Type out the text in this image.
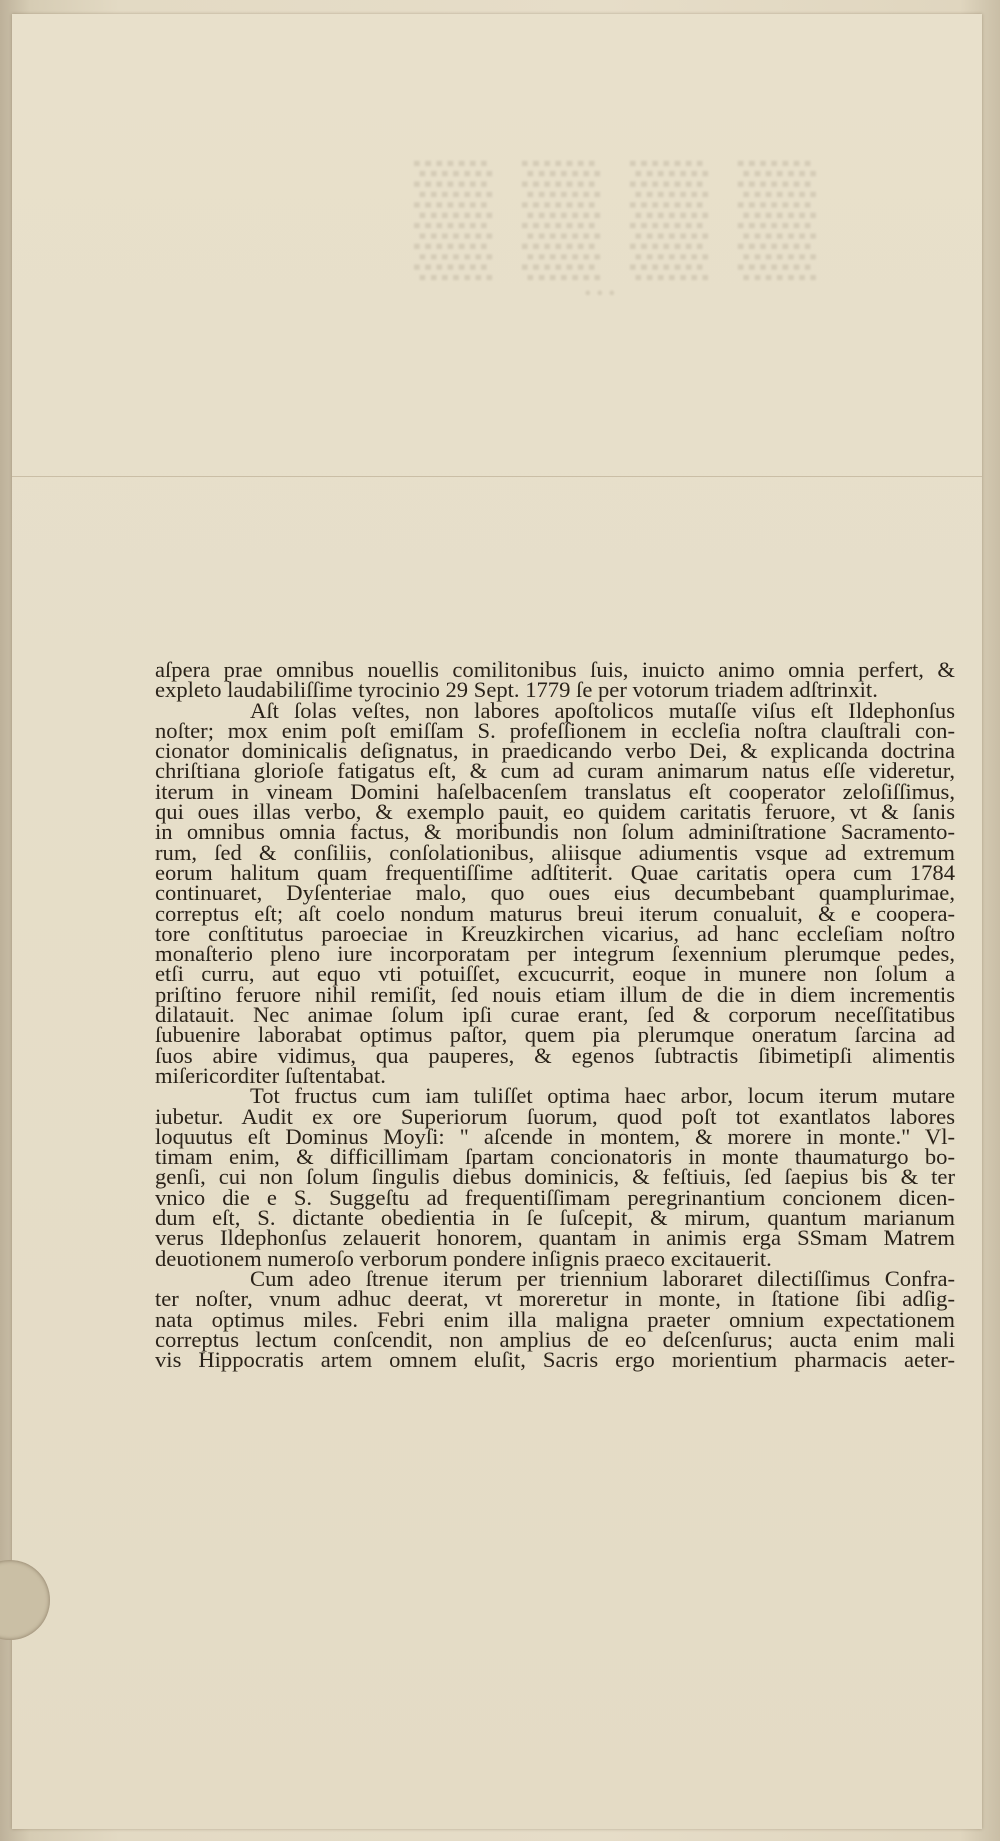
▒▒▒▒
• • •

aſpera prae omnibus nouellis comilitonibus ſuis, inuicto animo omnia perfert, &
expleto laudabiliſſime tyrocinio 29 Sept. 1779 ſe per votorum triadem adſtrinxit.

Aſt ſolas veſtes, non labores apoſtolicos mutaſſe viſus eſt Ildephonſus
noſter; mox enim poſt emiſſam S. profeſſionem in eccleſia noſtra clauſtrali con-
cionator dominicalis deſignatus, in praedicando verbo Dei, & explicanda doctrina
chriſtiana glorioſe fatigatus eſt, & cum ad curam animarum natus eſſe videretur,
iterum in vineam Domini haſelbacenſem translatus eſt cooperator zeloſiſſimus,
qui oues illas verbo, & exemplo pauit, eo quidem caritatis feruore, vt & ſanis
in omnibus omnia factus, & moribundis non ſolum adminiſtratione Sacramento-
rum, ſed & conſiliis, conſolationibus, aliisque adiumentis vsque ad extremum
eorum halitum quam frequentiſſime adſtiterit. Quae caritatis opera cum 1784
continuaret, Dyſenteriae malo, quo oues eius decumbebant quamplurimae,
correptus eſt; aſt coelo nondum maturus breui iterum conualuit, & e coopera-
tore conſtitutus paroeciae in Kreuzkirchen vicarius, ad hanc eccleſiam noſtro
monaſterio pleno iure incorporatam per integrum ſexennium plerumque pedes,
etſi curru, aut equo vti potuiſſet, excucurrit, eoque in munere non ſolum a
priſtino feruore nihil remiſit, ſed nouis etiam illum de die in diem incrementis
dilatauit. Nec animae ſolum ipſi curae erant, ſed & corporum neceſſitatibus
ſubuenire laborabat optimus paſtor, quem pia plerumque oneratum ſarcina ad
ſuos abire vidimus, qua pauperes, & egenos ſubtractis ſibimetipſi alimentis
miſericorditer ſuſtentabat.

Tot fructus cum iam tuliſſet optima haec arbor, locum iterum mutare
iubetur. Audit ex ore Superiorum ſuorum, quod poſt tot exantlatos labores
loquutus eſt Dominus Moyſi: " aſcende in montem, & morere in monte." Vl-
timam enim, & difficillimam ſpartam concionatoris in monte thaumaturgo bo-
genſi, cui non ſolum ſingulis diebus dominicis, & feſtiuis, ſed ſaepius bis & ter
vnico die e S. Suggeſtu ad frequentiſſimam peregrinantium concionem dicen-
dum eſt, S. dictante obedientia in ſe ſuſcepit, & mirum, quantum marianum
verus Ildephonſus zelauerit honorem, quantam in animis erga SSmam Matrem
deuotionem numeroſo verborum pondere inſignis praeco excitauerit.

Cum adeo ſtrenue iterum per triennium laboraret dilectiſſimus Confra-
ter noſter, vnum adhuc deerat, vt moreretur in monte, in ſtatione ſibi adſig-
nata optimus miles. Febri enim illa maligna praeter omnium expectationem
correptus lectum conſcendit, non amplius de eo deſcenſurus; aucta enim mali
vis Hippocratis artem omnem eluſit, Sacris ergo morientium pharmacis aeter-
